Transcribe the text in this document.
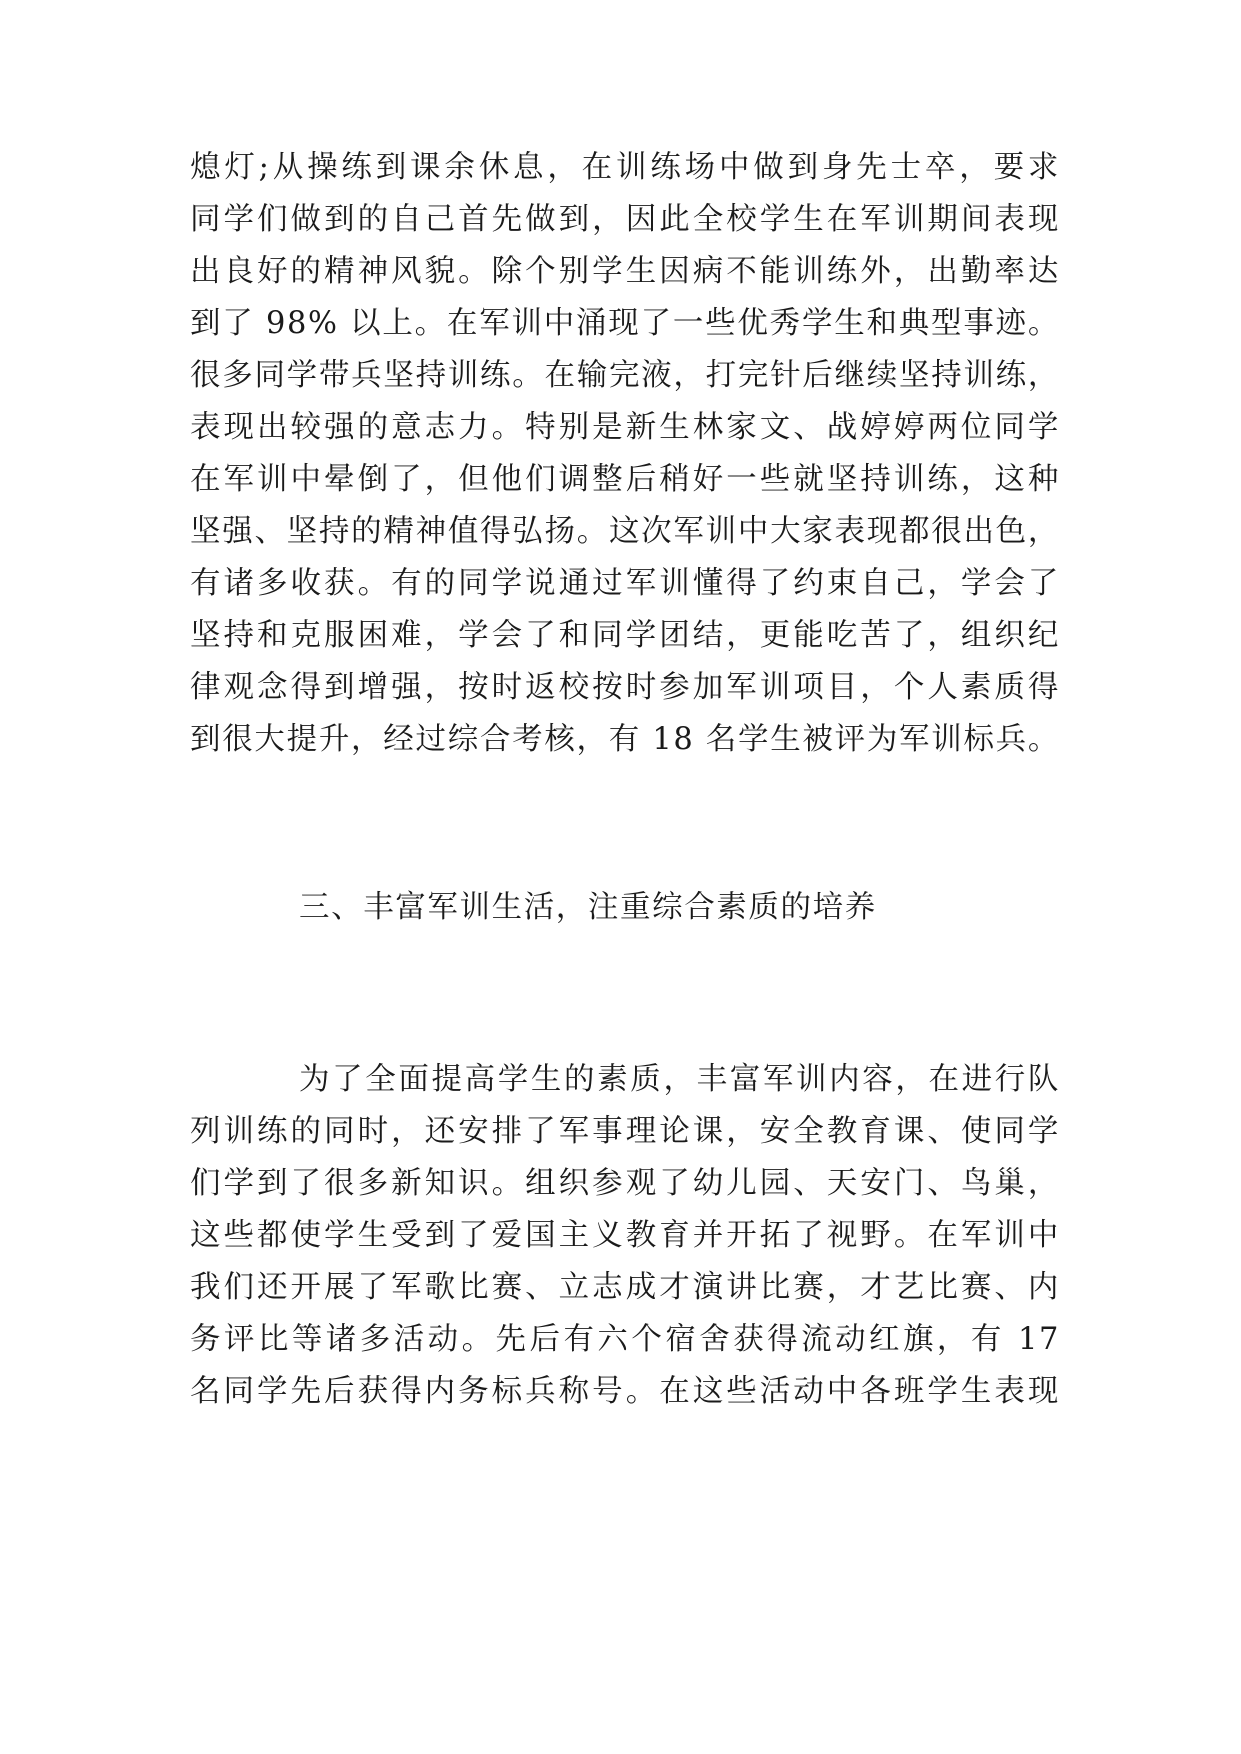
熄灯;从操练到课余休息，在训练场中做到身先士卒，要求
同学们做到的自己首先做到，因此全校学生在军训期间表现
出良好的精神风貌。除个别学生因病不能训练外，出勤率达
到了 98% 以上。在军训中涌现了一些优秀学生和典型事迹。
很多同学带兵坚持训练。在输完液，打完针后继续坚持训练，
表现出较强的意志力。特别是新生林家文、战婷婷两位同学
在军训中晕倒了，但他们调整后稍好一些就坚持训练，这种
坚强、坚持的精神值得弘扬。这次军训中大家表现都很出色，
有诸多收获。有的同学说通过军训懂得了约束自己，学会了
坚持和克服困难，学会了和同学团结，更能吃苦了，组织纪
律观念得到增强，按时返校按时参加军训项目，个人素质得
到很大提升，经过综合考核，有 18 名学生被评为军训标兵。
三、丰富军训生活，注重综合素质的培养
为了全面提高学生的素质，丰富军训内容，在进行队
列训练的同时，还安排了军事理论课，安全教育课、使同学
们学到了很多新知识。组织参观了幼儿园、天安门、鸟巢，
这些都使学生受到了爱国主义教育并开拓了视野。在军训中
我们还开展了军歌比赛、立志成才演讲比赛，才艺比赛、内
务评比等诸多活动。先后有六个宿舍获得流动红旗，有 17
名同学先后获得内务标兵称号。在这些活动中各班学生表现
